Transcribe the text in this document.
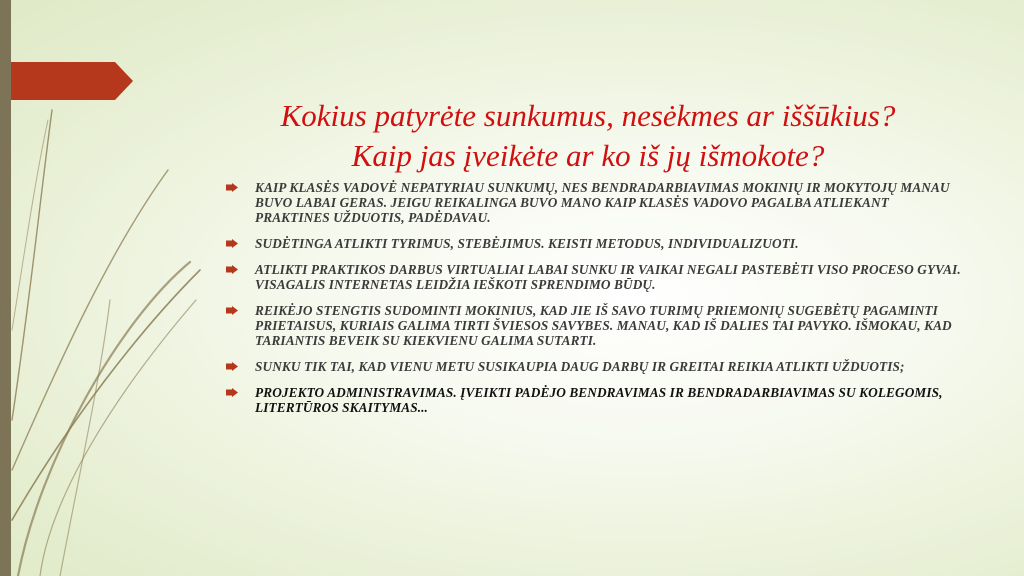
Kokius patyrėte sunkumus, nesėkmes ar iššūkius?
Kaip jas įveikėte ar ko iš jų išmokote?
KAIP KLASĖS VADOVĖ NEPATYRIAU SUNKUMŲ, NES BENDRADARBIAVIMAS MOKINIŲ IR MOKYTOJŲ MANAU BUVO LABAI GERAS. JEIGU REIKALINGA BUVO MANO KAIP KLASĖS VADOVO PAGALBA ATLIEKANT PRAKTINES UŽDUOTIS, PADĖDAVAU.
SUDĖTINGA ATLIKTI TYRIMUS, STEBĖJIMUS. KEISTI METODUS, INDIVIDUALIZUOTI.
ATLIKTI PRAKTIKOS DARBUS VIRTUALIAI LABAI SUNKU IR VAIKAI NEGALI PASTEBĖTI VISO PROCESO GYVAI. VISAGALIS INTERNETAS LEIDŽIA IEŠKOTI SPRENDIMO BŪDŲ.
REIKĖJO STENGTIS SUDOMINTI MOKINIUS, KAD JIE IŠ SAVO TURIMŲ PRIEMONIŲ SUGEBĖTŲ PAGAMINTI PRIETAISUS, KURIAIS GALIMA TIRTI ŠVIESOS SAVYBES. MANAU, KAD IŠ DALIES TAI PAVYKO. IŠMOKAU, KAD TARIANTIS BEVEIK SU KIEKVIENU GALIMA SUTARTI.
SUNKU TIK TAI, KAD VIENU METU SUSIKAUPIA DAUG DARBŲ IR GREITAI REIKIA ATLIKTI UŽDUOTIS;
PROJEKTO ADMINISTRAVIMAS. ĮVEIKTI PADĖJO BENDRAVIMAS IR BENDRADARBIAVIMAS SU KOLEGOMIS, LITERTŪROS SKAITYMAS...
